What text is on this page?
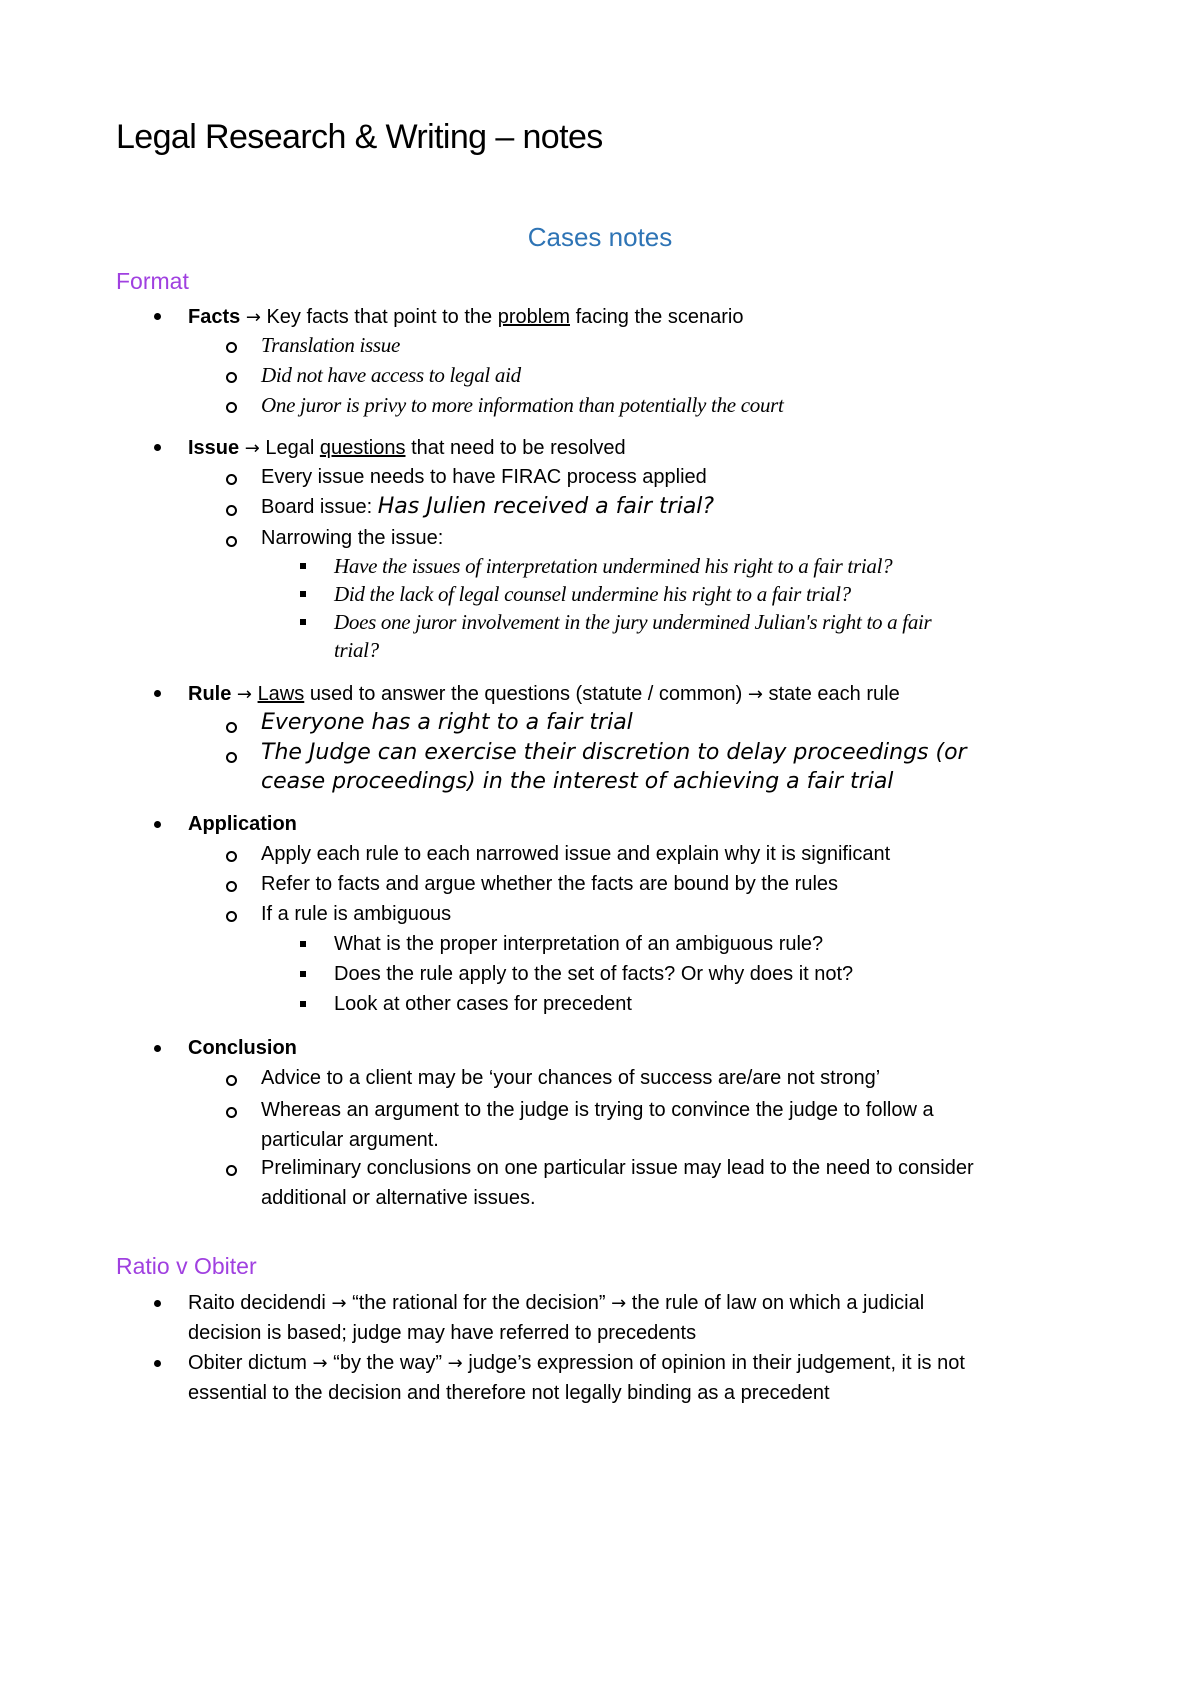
Legal Research & Writing – notes
Cases notes
Format
Facts → Key facts that point to the problem facing the scenario
Translation issue
Did not have access to legal aid
One juror is privy to more information than potentially the court
Issue → Legal questions that need to be resolved
Every issue needs to have FIRAC process applied
Board issue: Has Julien received a fair trial?
Narrowing the issue:
Have the issues of interpretation undermined his right to a fair trial?
Did the lack of legal counsel undermine his right to a fair trial?
Does one juror involvement in the jury undermined Julian's right to a fair
trial?
Rule → Laws used to answer the questions (statute / common) → state each rule
Everyone has a right to a fair trial
The Judge can exercise their discretion to delay proceedings (or
cease proceedings) in the interest of achieving a fair trial
Application
Apply each rule to each narrowed issue and explain why it is significant
Refer to facts and argue whether the facts are bound by the rules
If a rule is ambiguous
What is the proper interpretation of an ambiguous rule?
Does the rule apply to the set of facts? Or why does it not?
Look at other cases for precedent
Conclusion
Advice to a client may be ‘your chances of success are/are not strong’
Whereas an argument to the judge is trying to convince the judge to follow a
particular argument.
Preliminary conclusions on one particular issue may lead to the need to consider
additional or alternative issues.
Ratio v Obiter
Raito decidendi → “the rational for the decision” → the rule of law on which a judicial
decision is based; judge may have referred to precedents
Obiter dictum → “by the way” → judge’s expression of opinion in their judgement, it is not
essential to the decision and therefore not legally binding as a precedent
